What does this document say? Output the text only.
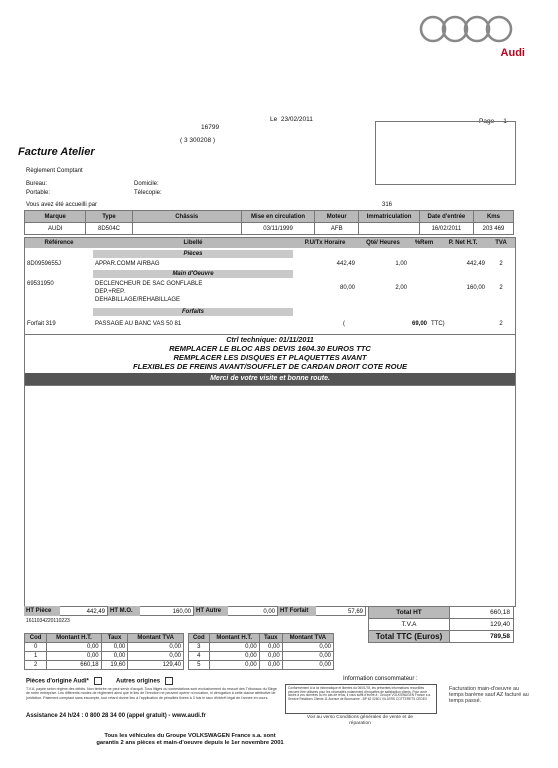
Audi
Le 23/02/2011	Page 1
16799
( 3 300208 )
Facture Atelier
Règlement Comptant
Bureau:	Domicile:
Portable:	Télecopie:
Vous avez été accueilli par	316
Marque	Type	Châssis	Mise en circulation	Moteur	Immatriculation	Date d'entrée	Kms
AUDI	8D504C		03/11/1999	AFB		16/02/2011	203 469
Référence	Libellé	P.U/Tx Horaire	Qté/ Heures	%Rem	P. Net H.T.	TVA
Pièces
8D0959655J	APPAR.COMM AIRBAG	442,49	1,00	442,49	2
Main d'Oeuvre
69531950	DECLENCHEUR DE SAC GONFLABLE
DEP.+REP.
DEHABILLAGE/REHABILLAGE
80,00	2,00	160,00	2
Forfaits
Forfait 319	PASSAGE AU BANC VAS 50 81	(	69,00 TTC)	2
Ctrl technique: 01/11/2011
REMPLACER LE BLOC ABS DEVIS 1604.30 EUROS TTC
REMPLACER LES DISQUES ET PLAQUETTES AVANT
FLEXIBLES DE FREINS AVANT/SOUFFLET DE CARDAN DROIT COTE ROUE
Merci de votre visite et bonne route.
HT Pièce	442,49 HT M.O.	160,00 HT Autre	0,00 HT Forfait	57,69
1611034220110223
Total HT	660,18
T.V.A	129,40
Total TTC (Euros)	789,58
Cod	Montant H.T.	Taux	Montant TVA
0	0,00	0,00	0,00
1	0,00	0,00	0,00
2	660,18	19,60	129,40
Cod	Montant H.T.	Taux	Montant TVA
3	0,00	0,00	0,00
4	0,00	0,00	0,00
5	0,00	0,00	0,00
Pièces d'origine Audi*	Autres origines	Information consommateur :
T.V.A. payée selon régime des débits. Non timbrée ne peut servir d'acquit. Tous litiges ou contestations sont exclusivement du ressort des Tribunaux du Siège de notre entreprise. Les différents modes de règlement ainsi que le lieu de l'érection ne peuvent opérer ni novation, ni dérogation à cette clause attributive de juridiction. Paiement comptant sans escompte, tout retard donne lieu à l'application de pénalités fixées à 3 fois le taux d'intérêt légal de l'année en cours.
Conformément à la loi informatique et libertés du 06/01/78, les présentes informations recueillies peuvent être utilisées pour les nécessités notamment d'enquêtes de satisfaction clients. Pour avoir accès à vos données ou en cas de refus, il vous suffit d'écrire à : Groupe VOLKSWAGEN France s.a. Service Relations Clients 11 Avenue de Boursonne - BP 62 02601 VILLERS COTTERETS CEDEX
Facturation main-d'oeuvre au temps barème sauf AZ facturé au temps passé.
Assistance 24 h/24 : 0 800 28 34 00 (appel gratuit) - www.audi.fr	Voir au verso Conditions générales de vente et de réparation
Tous les véhicules du Groupe VOLKSWAGEN France s.a. sont
garantis 2 ans pièces et main-d'oeuvre depuis le 1er novembre 2001
